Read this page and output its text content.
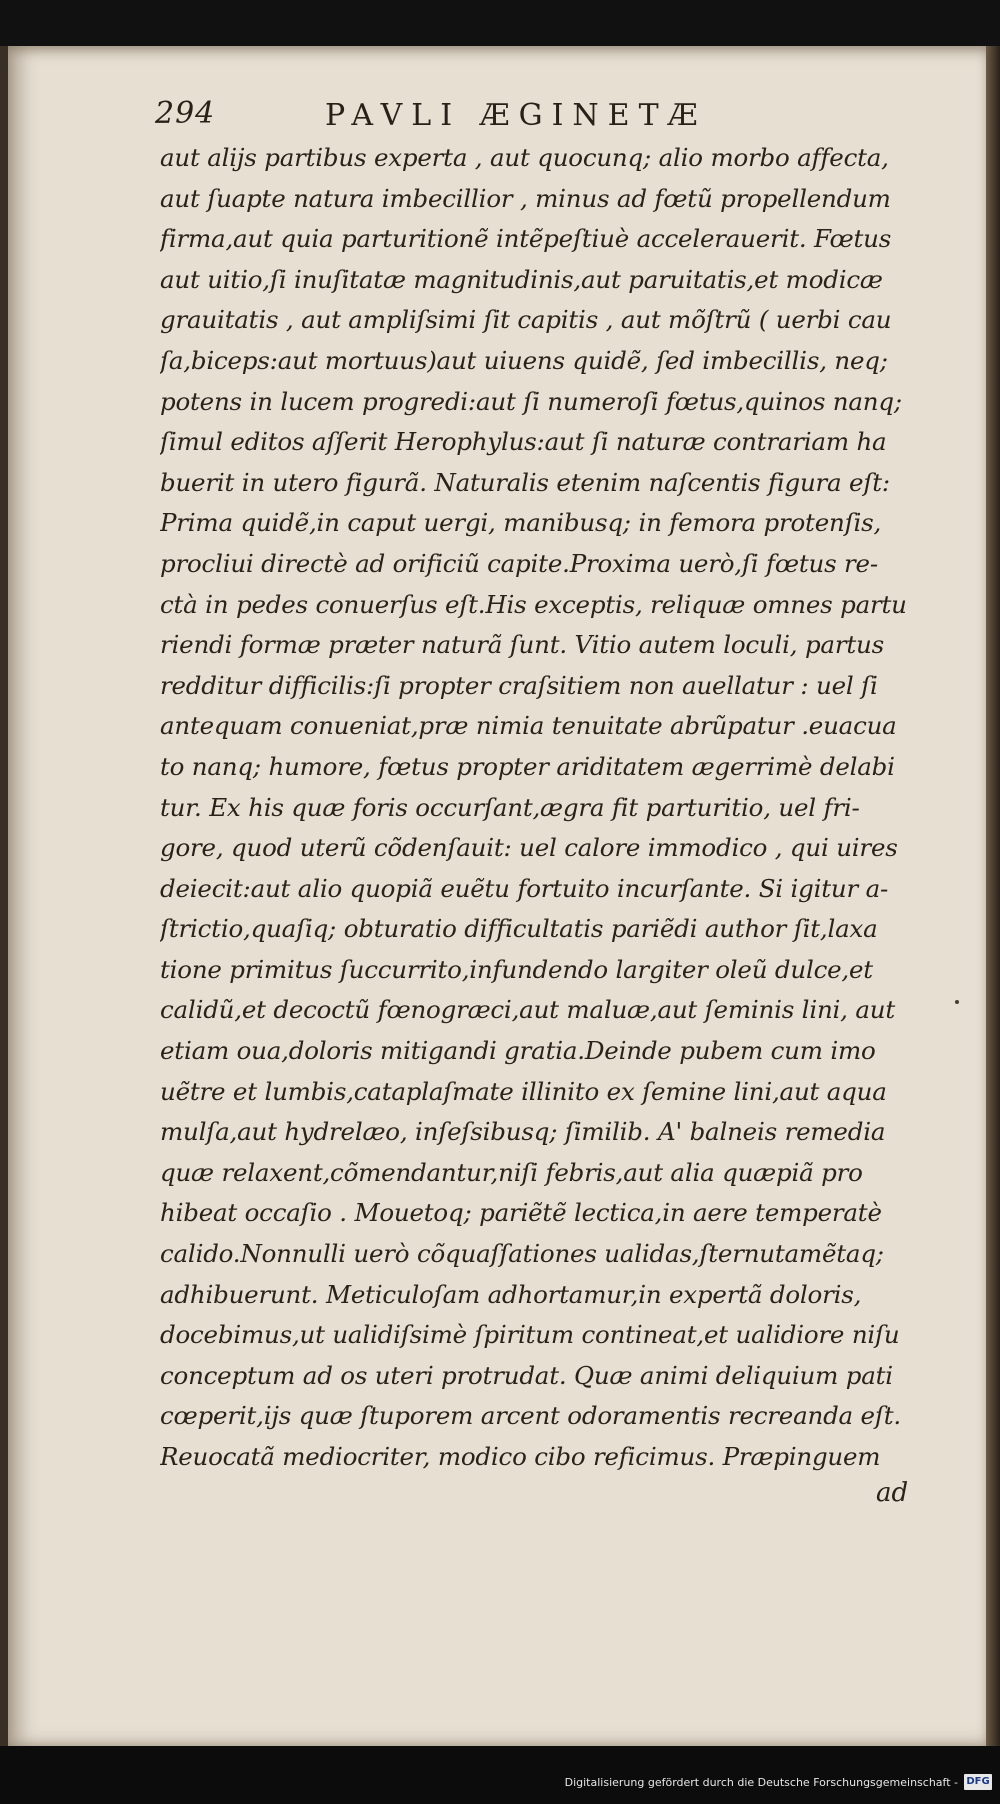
294	PAVLI ÆGINETÆ
aut alijs partibus experta , aut quocunq; alio morbo affecta,
aut ſuapte natura imbecillior , minus ad fœtũ propellendum
firma,aut quia parturitionẽ intẽpeſtiuè accelerauerit. Fœtus
aut uitio,ſi inuſitatæ magnitudinis,aut paruitatis,et modicæ
grauitatis , aut ampliſsimi ſit capitis , aut mõſtrũ ( uerbi cau
ſa,biceps:aut mortuus)aut uiuens quidẽ, ſed imbecillis, neq;
potens in lucem progredi:aut ſi numeroſi fœtus,quinos nanq;
ſimul editos aſſerit Herophylus:aut ſi naturæ contrariam ha
buerit in utero figurã. Naturalis etenim naſcentis figura eſt:
Prima quidẽ,in caput uergi, manibusq; in femora protenſis,
procliui directè ad orificiũ capite.Proxima uerò,ſi fœtus re-
ctà in pedes conuerſus eſt.His exceptis, reliquæ omnes partu
riendi formæ præter naturã ſunt. Vitio autem loculi, partus
redditur difficilis:ſi propter craſsitiem non auellatur : uel ſi
antequam conueniat,præ nimia tenuitate abrũpatur .euacua
to nanq; humore, fœtus propter ariditatem ægerrimè delabi
tur. Ex his quæ foris occurſant,ægra fit parturitio, uel fri-
gore, quod uterũ cõdenſauit: uel calore immodico , qui uires
deiecit:aut alio quopiã euẽtu fortuito incurſante. Si igitur a-
ſtrictio,quaſiq; obturatio difficultatis pariẽdi author ſit,laxa
tione primitus ſuccurrito,infundendo largiter oleũ dulce,et
calidũ,et decoctũ fœnogræci,aut maluæ,aut ſeminis lini, aut
etiam oua,doloris mitigandi gratia.Deinde pubem cum imo
uẽtre et lumbis,cataplaſmate illinito ex ſemine lini,aut aqua
mulſa,aut hydrelæo, inſeſsibusq; ſimilib. A' balneis remedia
quæ relaxent,cõmendantur,niſi febris,aut alia quæpiã pro
hibeat occaſio . Mouetoq; pariẽtẽ lectica,in aere temperatè
calido.Nonnulli uerò cõquaſſationes ualidas,ſternutamẽtaq;
adhibuerunt. Meticuloſam adhortamur,in expertã doloris,
docebimus,ut ualidiſsimè ſpiritum contineat,et ualidiore niſu
conceptum ad os uteri protrudat. Quæ animi deliquium pati
cœperit,ijs quæ ſtuporem arcent odoramentis recreanda eſt.
Reuocatã mediocriter, modico cibo reficimus. Præpinguem
ad
Digitalisierung gefördert durch die Deutsche Forschungsgemeinschaft - DFG
